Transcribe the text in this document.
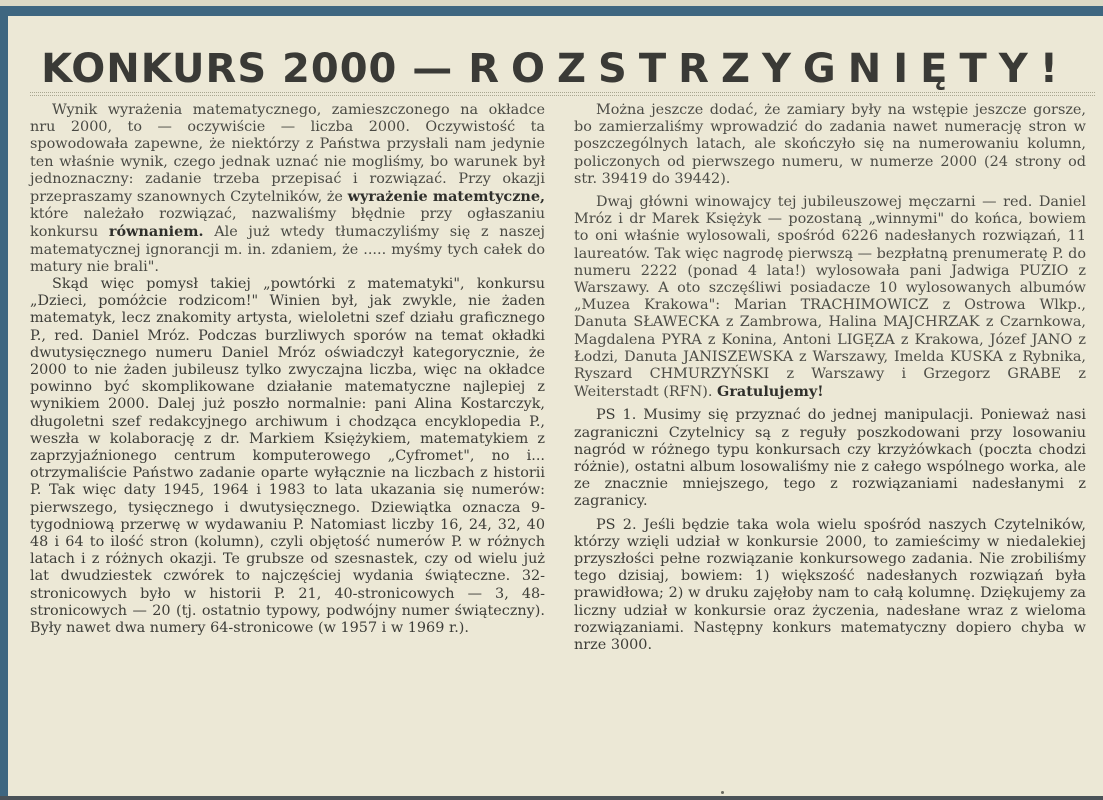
KONKURS 2000 — ROZSTRZYGNIĘTY!

Wynik wyrażenia matematycznego, zamieszczonego na okładce nru 2000, to — oczywiście — liczba 2000. Oczywistość ta spowodowała zapewne, że niektórzy z Państwa przysłali nam jedynie ten właśnie wynik, czego jednak uznać nie mogliśmy, bo warunek był jednoznaczny: zadanie trzeba przepisać i rozwiązać. Przy okazji przepraszamy szanownych Czytelników, że wyrażenie matemtyczne, które należało rozwiązać, nazwaliśmy błędnie przy ogłaszaniu konkursu równaniem. Ale już wtedy tłumaczyliśmy się z naszej matematycznej ignorancji m. in. zdaniem, że ..... myśmy tych całek do matury nie brali".

Skąd więc pomysł takiej „powtórki z matematyki", konkursu „Dzieci, pomóżcie rodzicom!" Winien był, jak zwykle, nie żaden matematyk, lecz znakomity artysta, wieloletni szef działu graficznego P., red. Daniel Mróz. Podczas burzliwych sporów na temat okładki dwutysięcznego numeru Daniel Mróz oświadczył kategorycznie, że 2000 to nie żaden jubileusz tylko zwyczajna liczba, więc na okładce powinno być skomplikowane działanie matematyczne najlepiej z wynikiem 2000. Dalej już poszło normalnie: pani Alina Kostarczyk, długoletni szef redakcyjnego archiwum i chodząca encyklopedia P., weszła w kolaborację z dr. Markiem Księżykiem, matematykiem z zaprzyjaźnionego centrum komputerowego „Cyfromet", no i... otrzymaliście Państwo zadanie oparte wyłącznie na liczbach z historii P. Tak więc daty 1945, 1964 i 1983 to lata ukazania się numerów: pierwszego, tysięcznego i dwutysięcznego. Dziewiątka oznacza 9-tygodniową przerwę w wydawaniu P. Natomiast liczby 16, 24, 32, 40 48 i 64 to ilość stron (kolumn), czyli objętość numerów P. w różnych latach i z różnych okazji. Te grubsze od szesnastek, czy od wielu już lat dwudziestek czwórek to najczęściej wydania świąteczne. 32-stronicowych było w historii P. 21, 40-stronicowych — 3, 48-stronicowych — 20 (tj. ostatnio typowy, podwójny numer świąteczny). Były nawet dwa numery 64-stronicowe (w 1957 i w 1969 r.).

Można jeszcze dodać, że zamiary były na wstępie jeszcze gorsze, bo zamierzaliśmy wprowadzić do zadania nawet numerację stron w poszczególnych latach, ale skończyło się na numerowaniu kolumn, policzonych od pierwszego numeru, w numerze 2000 (24 strony od str. 39419 do 39442).

Dwaj główni winowajcy tej jubileuszowej męczarni — red. Daniel Mróz i dr Marek Księżyk — pozostaną „winnymi" do końca, bowiem to oni właśnie wylosowali, spośród 6226 nadesłanych rozwiązań, 11 laureatów. Tak więc nagrodę pierwszą — bezpłatną prenumeratę P. do numeru 2222 (ponad 4 lata!) wylosowała pani Jadwiga PUZIO z Warszawy. A oto szczęśliwi posiadacze 10 wylosowanych albumów „Muzea Krakowa": Marian TRACHIMOWICZ z Ostrowa Wlkp., Danuta SŁAWECKA z Zambrowa, Halina MAJCHRZAK z Czarnkowa, Magdalena PYRA z Konina, Antoni LIGĘZA z Krakowa, Józef JANO z Łodzi, Danuta JANISZEWSKA z Warszawy, Imelda KUSKA z Rybnika, Ryszard CHMURZYŃSKI z Warszawy i Grzegorz GRABE z Weiterstadt (RFN). Gratulujemy!

PS 1. Musimy się przyznać do jednej manipulacji. Ponieważ nasi zagraniczni Czytelnicy są z reguły poszkodowani przy losowaniu nagród w różnego typu konkursach czy krzyżówkach (poczta chodzi różnie), ostatni album losowaliśmy nie z całego wspólnego worka, ale ze znacznie mniejszego, tego z rozwiązaniami nadesłanymi z zagranicy.

PS 2. Jeśli będzie taka wola wielu spośród naszych Czytelników, którzy wzięli udział w konkursie 2000, to zamieścimy w niedalekiej przyszłości pełne rozwiązanie konkursowego zadania. Nie zrobiliśmy tego dzisiaj, bowiem: 1) większość nadesłanych rozwiązań była prawidłowa; 2) w druku zajęłoby nam to całą kolumnę. Dziękujemy za liczny udział w konkursie oraz życzenia, nadesłane wraz z wieloma rozwiązaniami. Następny konkurs matematyczny dopiero chyba w nrze 3000.
